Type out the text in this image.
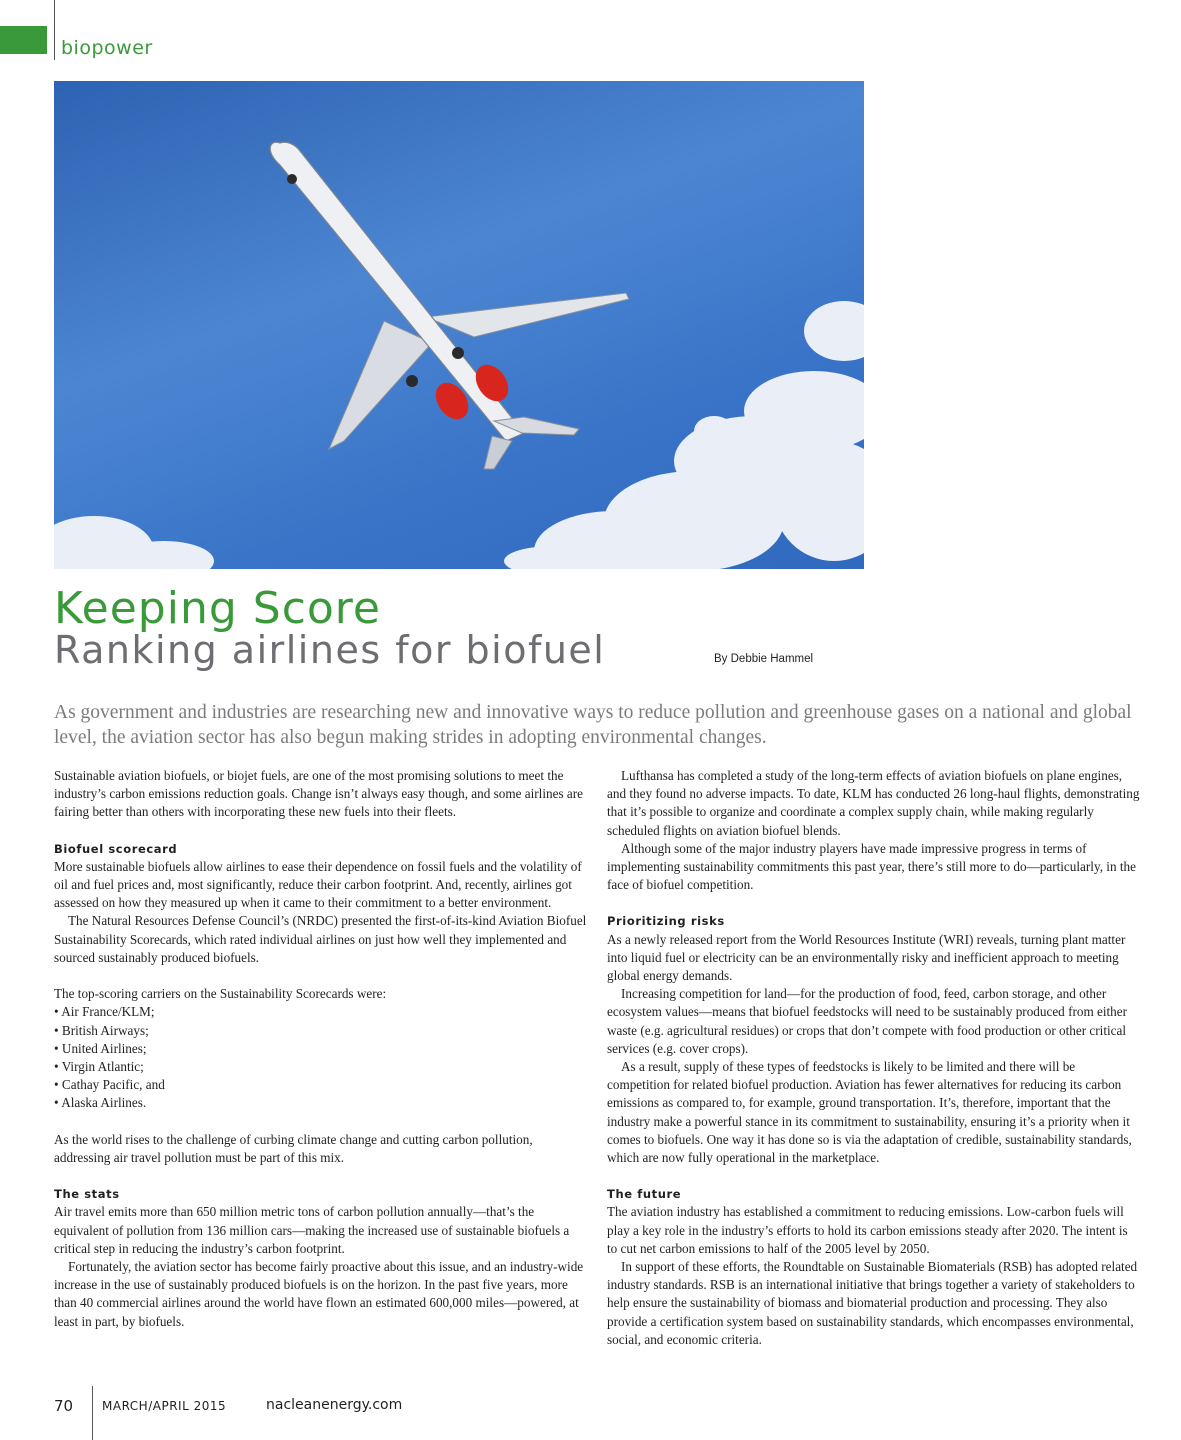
biopower
Keeping Score
Ranking airlines for biofuel	By Debbie Hammel

As government and industries are researching new and innovative ways to reduce pollution and greenhouse gases on a national and global level, the aviation sector has also begun making strides in adopting environmental changes.

Sustainable aviation biofuels, or biojet fuels, are one of the most promising solutions to meet the industry’s carbon emissions reduction goals. Change isn’t always easy though, and some airlines are fairing better than others with incorporating these new fuels into their fleets.

Biofuel scorecard

More sustainable biofuels allow airlines to ease their dependence on fossil fuels and the volatility of oil and fuel prices and, most significantly, reduce their carbon footprint. And, recently, airlines got assessed on how they measured up when it came to their commitment to a better environment.

The Natural Resources Defense Council’s (NRDC) presented the first-of-its-kind Aviation Biofuel Sustainability Scorecards, which rated individual airlines on just how well they implemented and sourced sustainably produced biofuels.

The top-scoring carriers on the Sustainability Scorecards were:

• Air France/KLM;
• British Airways;
• United Airlines;
• Virgin Atlantic;
• Cathay Pacific, and
• Alaska Airlines.

As the world rises to the challenge of curbing climate change and cutting carbon pollution, addressing air travel pollution must be part of this mix.

The stats

Air travel emits more than 650 million metric tons of carbon pollution annually—that’s the equivalent of pollution from 136 million cars—making the increased use of sustainable biofuels a critical step in reducing the industry’s carbon footprint.

Fortunately, the aviation sector has become fairly proactive about this issue, and an industry-wide increase in the use of sustainably produced biofuels is on the horizon. In the past five years, more than 40 commercial airlines around the world have flown an estimated 600,000 miles—powered, at least in part, by biofuels.

Lufthansa has completed a study of the long-term effects of aviation biofuels on plane engines, and they found no adverse impacts. To date, KLM has conducted 26 long-haul flights, demonstrating that it’s possible to organize and coordinate a complex supply chain, while making regularly scheduled flights on aviation biofuel blends.

Although some of the major industry players have made impressive progress in terms of implementing sustainability commitments this past year, there’s still more to do—particularly, in the face of biofuel competition.

Prioritizing risks

As a newly released report from the World Resources Institute (WRI) reveals, turning plant matter into liquid fuel or electricity can be an environmentally risky and inefficient approach to meeting global energy demands.

Increasing competition for land—for the production of food, feed, carbon storage, and other ecosystem values—means that biofuel feedstocks will need to be sustainably produced from either waste (e.g. agricultural residues) or crops that don’t compete with food production or other critical services (e.g. cover crops).

As a result, supply of these types of feedstocks is likely to be limited and there will be competition for related biofuel production. Aviation has fewer alternatives for reducing its carbon emissions as compared to, for example, ground transportation. It’s, therefore, important that the industry make a powerful stance in its commitment to sustainability, ensuring it’s a priority when it comes to biofuels. One way it has done so is via the adaptation of credible, sustainability standards, which are now fully operational in the marketplace.

The future

The aviation industry has established a commitment to reducing emissions. Low-carbon fuels will play a key role in the industry’s efforts to hold its carbon emissions steady after 2020. The intent is to cut net carbon emissions to half of the 2005 level by 2050.

In support of these efforts, the Roundtable on Sustainable Biomaterials (RSB) has adopted related industry standards. RSB is an international initiative that brings together a variety of stakeholders to help ensure the sustainability of biomass and biomaterial production and processing. They also provide a certification system based on sustainability standards, which encompasses environmental, social, and economic criteria.

70 MARCH/APRIL 2015	nacleanenergy.com
